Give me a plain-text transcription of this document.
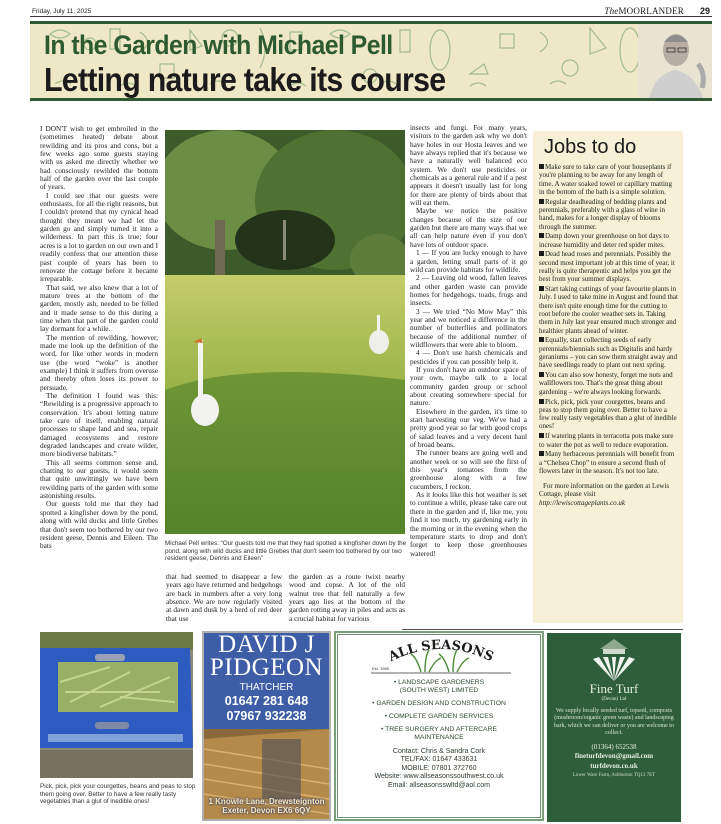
Friday, July 11, 2025	TheMOORLANDER 29
In the Garden with Michael Pell
Letting nature take its course

I DON'T wish to get embroiled in the (sometimes heated) debate about rewilding and its pros and cons, but a few weeks ago some guests staying with us asked me directly whether we had consciously rewilded the bottom half of the garden over the last couple of years.

I could see that our guests were enthusiasts, for all the right reasons, but I couldn't pretend that my cynical head thought they meant we had let the garden go and simply turned it into a wilderness. In part this is true; four acres is a lot to garden on our own and I readily confess that our attention these past couple of years has been to renovate the cottage before it became irreparable.

That said, we also knew that a lot of mature trees at the bottom of the garden, mostly ash, needed to be felled and it made sense to do this during a time when that part of the garden could lay dormant for a while.

The mention of rewilding, however, made me look up the definition of the word, for like other words in modern use (the word “woke” is another example) I think it suffers from overuse and thereby often loses its power to persuade.

The definition I found was this: “Rewilding is a progressive approach to conservation. It's about letting nature take care of itself, enabling natural processes to shape land and sea, repair damaged ecosystems and restore degraded landscapes and create wilder, more biodiverse habitats.”

This all seems common sense and, chatting to our guests, it would seem that quite unwittingly we have been rewilding parts of the garden with some astonishing results.

Our guests told me that they had spotted a kingfisher down by the pond, along with wild ducks and little Grebes that don't seem too bothered by our two resident geese, Dennis and Eileen. The bats	Michael Pell writes: “Our guests told me that they had spotted a kingfisher down by the pond, along with wild ducks and little Grebes that don't seem too bothered by our two resident geese, Dennis and Eileen”

that had seemed to disappear a few years ago have returned and hedgehogs are back in numbers after a very long absence. We are now regularly visited at dawn and dusk by a herd of red deer that use

the garden as a route twixt nearby wood and copse. A lot of the old walnut tree that fell naturally a few years ago lies at the bottom of the garden rotting away in piles and acts as a crucial habitat for various

insects and fungi. For many years, visitors to the garden ask why we don't have holes in our Hosta leaves and we have always replied that it's because we have a naturally well balanced eco system. We don't use pesticides or chemicals as a general rule and if a pest appears it doesn't usually last for long for there are plenty of birds about that will eat them.

Maybe we notice the positive changes because of the size of our garden but there are many ways that we all can help nature even if you don't have lots of outdoor space.

1 — If you are lucky enough to have a garden, letting small parts of it go wild can provide habitats for wildlife.

2 — Leaving old wood, fallen leaves and other garden waste can provide homes for hedgehogs, toads, frogs and insects.

3 — We tried “No Mow May” this year and we noticed a difference in the number of butterflies and pollinators because of the additional number of wildflowers that were able to bloom.

4 — Don't use harsh chemicals and pesticides if you can possibly help it.

If you don't have an outdoor space of your own, maybe talk to a local community garden group or school about creating somewhere special for nature.

Elsewhere in the garden, it's time to start harvesting our veg. We've had a pretty good year so far with good crops of salad leaves and a very decent haul of broad beans.

The runner beans are going well and another week or so will see the first of this year's tomatoes from the greenhouse along with a few cucumbers, I reckon.

As it looks like this hot weather is set to continue a while, please take care out there in the garden and if, like me, you find it too much, try gardening early in the morning or in the evening when the temperature starts to drop and don't forget to keep those greenhouses watered!

Jobs to do
Make sure to take care of your houseplants if you're planning to be away for any length of time. A water soaked towel or capillary matting in the bottom of the bath is a simple solution.
Regular deadheading of bedding plants and perennials, preferably with a glass of wine in hand, makes for a longer display of blooms through the summer.
Damp down your greenhouse on hot days to increase humidity and deter red spider mites.
Dead head roses and perennials. Possibly the second most important job at this time of year, it really is quite therapeutic and helps you get the best from your summer displays.
Start taking cuttings of your favourite plants in July. I used to take mine in August and found that there isn't quite enough time for the cutting to root before the cooler weather sets in. Taking them in July last year ensured much stronger and healthier plants ahead of winter.
Equally, start collecting seeds of early perennials/biennials such as Digitalis and hardy geraniums – you can sow them straight away and have seedlings ready to plant out next spring.
You can also sow honesty, forget me nots and wallflowers too. That's the great thing about gardening – we're always looking forwards.
Pick, pick, pick your courgettes, beans and peas to stop them going over. Better to have a few really tasty vegetables than a glut of inedible ones!
If watering plants in terracotta pots make sure to water the pot as well to reduce evaporation.
Many herbaceous perennials will benefit from a “Chelsea Chop” to ensure a second flush of flowers later in the season. It's not too late.

For more information on the garden at Lewis Cottage, please visit
http://lewiscottageplants.co.uk

Pick, pick, pick your courgettes, beans and peas to stop them going over. Better to have a few really tasty vegetables than a glut of inedible ones!
DAVID J
PIDGEON
THATCHER
01647 281 648
07967 932238
1 Knowle Lane, Drewsteignton
Exeter, Devon EX6 6QY
ALL SEASONS
Est. 1989
• LANDSCAPE GARDENERS
(SOUTH WEST) LIMITED
• GARDEN DESIGN AND CONSTRUCTION
• COMPLETE GARDEN SERVICES
• TREE SURGERY AND AFTERCARE
MAINTENANCE
Contact: Chris & Sandra Cork
TEL/FAX: 01647 433631
MOBILE: 07801 372760
Website: www.allseasonssouthwest.co.uk
Email: allseasonsswltd@aol.com
Fine Turf
(Devon) Ltd
We supply locally seeded turf, topsoil, composts (mushroom/organic green waste) and landscaping bark, which we can deliver or you are welcome to collect.
(01364) 652538
fineturfdevon@gmail.com
turfdevon.co.uk
Lower Ware Farm, Ashburton TQ13 7ET
